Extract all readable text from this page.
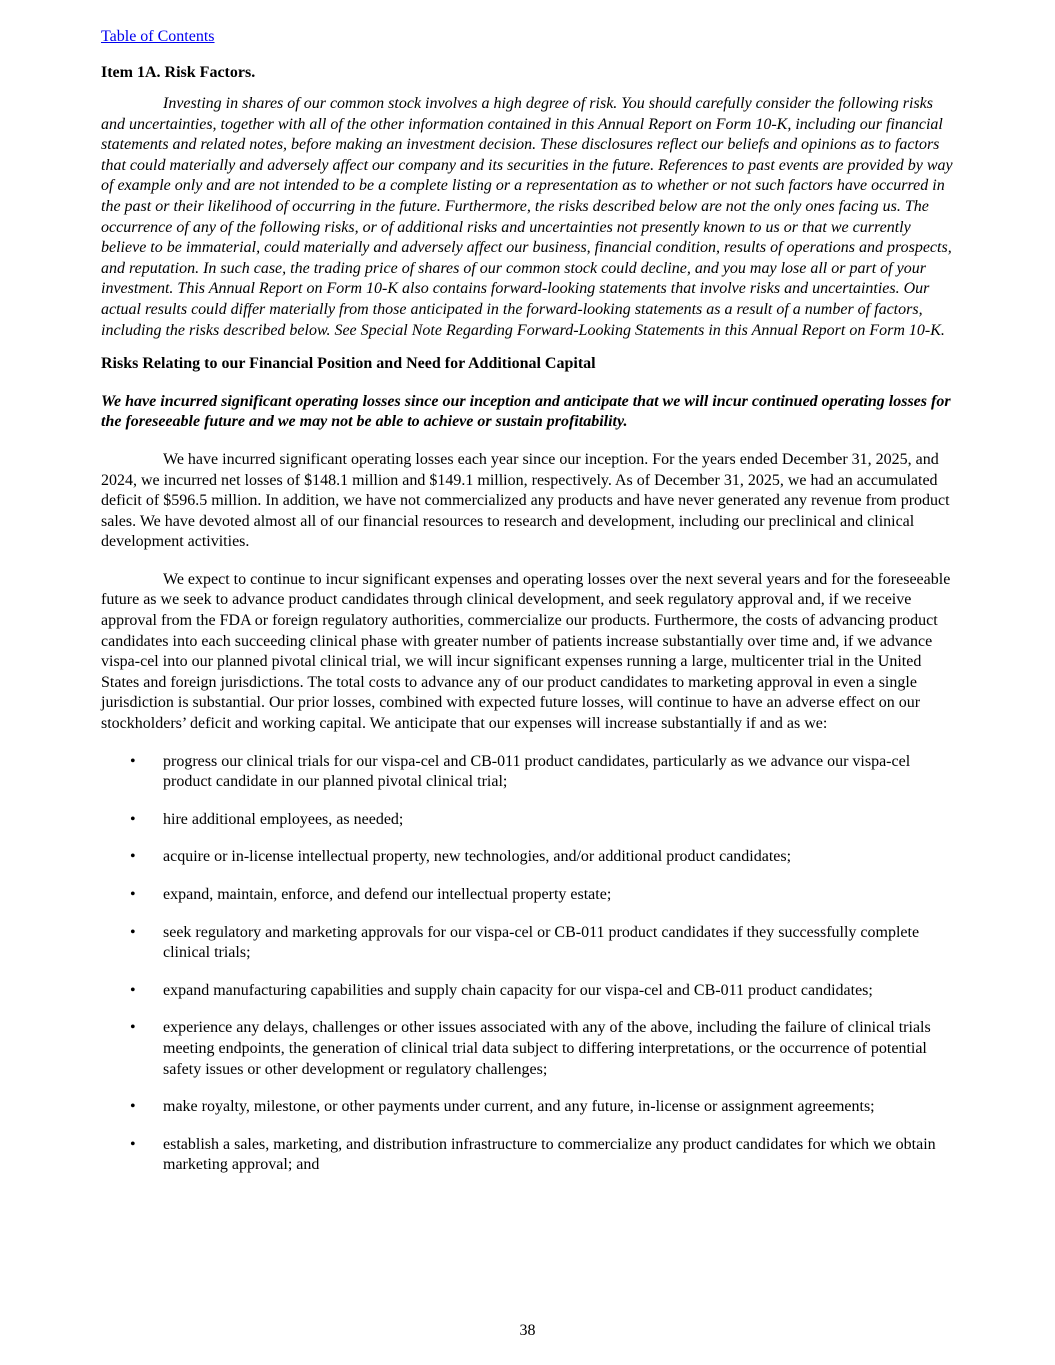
Table of Contents

Item 1A. Risk Factors.

Investing in shares of our common stock involves a high degree of risk. You should carefully consider the following risks and uncertainties, together with all of the other information contained in this Annual Report on Form 10-K, including our financial statements and related notes, before making an investment decision. These disclosures reflect our beliefs and opinions as to factors that could materially and adversely affect our company and its securities in the future. References to past events are provided by way of example only and are not intended to be a complete listing or a representation as to whether or not such factors have occurred in the past or their likelihood of occurring in the future. Furthermore, the risks described below are not the only ones facing us. The occurrence of any of the following risks, or of additional risks and uncertainties not presently known to us or that we currently believe to be immaterial, could materially and adversely affect our business, financial condition, results of operations and prospects, and reputation. In such case, the trading price of shares of our common stock could decline, and you may lose all or part of your investment. This Annual Report on Form 10-K also contains forward-looking statements that involve risks and uncertainties. Our actual results could differ materially from those anticipated in the forward-looking statements as a result of a number of factors, including the risks described below. See Special Note Regarding Forward-Looking Statements in this Annual Report on Form 10-K.

Risks Relating to our Financial Position and Need for Additional Capital

We have incurred significant operating losses since our inception and anticipate that we will incur continued operating losses for the foreseeable future and we may not be able to achieve or sustain profitability.

We have incurred significant operating losses each year since our inception. For the years ended December 31, 2025, and 2024, we incurred net losses of $148.1 million and $149.1 million, respectively. As of December 31, 2025, we had an accumulated deficit of $596.5 million. In addition, we have not commercialized any products and have never generated any revenue from product sales. We have devoted almost all of our financial resources to research and development, including our preclinical and clinical development activities.

We expect to continue to incur significant expenses and operating losses over the next several years and for the foreseeable future as we seek to advance product candidates through clinical development, and seek regulatory approval and, if we receive approval from the FDA or foreign regulatory authorities, commercialize our products. Furthermore, the costs of advancing product candidates into each succeeding clinical phase with greater number of patients increase substantially over time and, if we advance vispa-cel into our planned pivotal clinical trial, we will incur significant expenses running a large, multicenter trial in the United States and foreign jurisdictions. The total costs to advance any of our product candidates to marketing approval in even a single jurisdiction is substantial. Our prior losses, combined with expected future losses, will continue to have an adverse effect on our stockholders’ deficit and working capital. We anticipate that our expenses will increase substantially if and as we:

• progress our clinical trials for our vispa-cel and CB-011 product candidates, particularly as we advance our vispa-cel product candidate in our planned pivotal clinical trial;
• hire additional employees, as needed;
• acquire or in-license intellectual property, new technologies, and/or additional product candidates;
• expand, maintain, enforce, and defend our intellectual property estate;
• seek regulatory and marketing approvals for our vispa-cel or CB-011 product candidates if they successfully complete clinical trials;
• expand manufacturing capabilities and supply chain capacity for our vispa-cel and CB-011 product candidates;
• experience any delays, challenges or other issues associated with any of the above, including the failure of clinical trials meeting endpoints, the generation of clinical trial data subject to differing interpretations, or the occurrence of potential safety issues or other development or regulatory challenges;
• make royalty, milestone, or other payments under current, and any future, in-license or assignment agreements;
• establish a sales, marketing, and distribution infrastructure to commercialize any product candidates for which we obtain marketing approval; and
38
